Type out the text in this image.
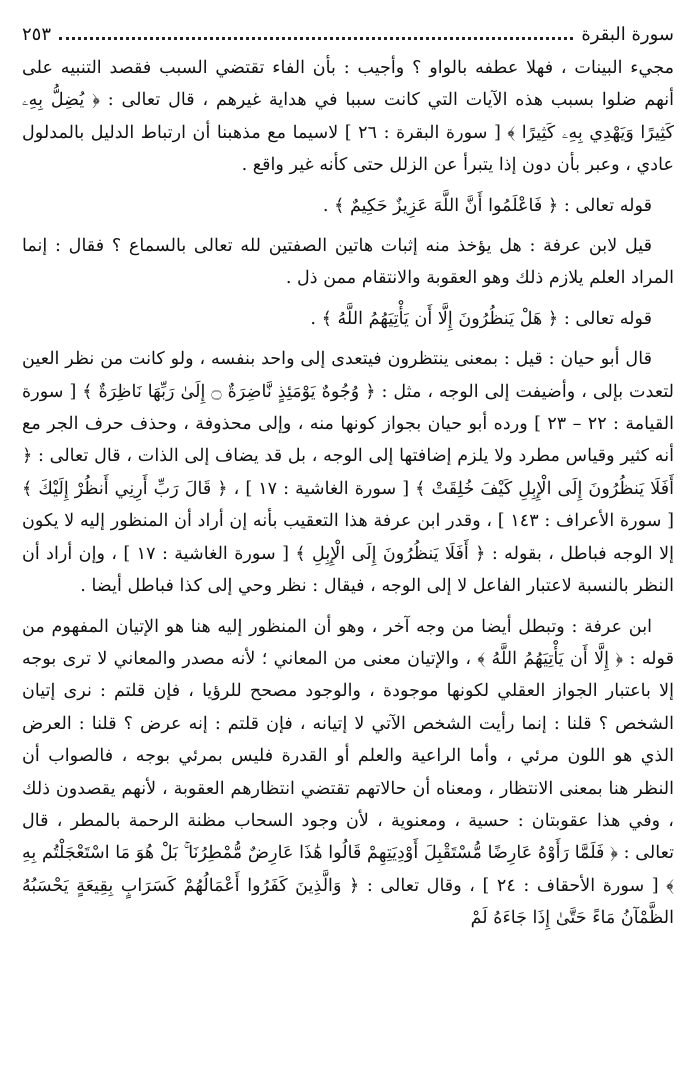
سورة البقرة
٢٥٣

مجيء البينات ، فهلا عطفه بالواو ؟ وأجيب : بأن الفاء تقتضي السبب فقصد التنبيه على أنهم ضلوا بسبب هذه الآيات التي كانت سببا في هداية غيرهم ، قال تعالى : ﴿ يُضِلُّ بِهِۦ كَثِيرًا وَيَهْدِي بِهِۦ كَثِيرًا ﴾ [ سورة البقرة : ٢٦ ] لاسيما مع مذهبنا أن ارتباط الدليل بالمدلول عادي ، وعبر بأن دون إذا يتبرأ عن الزلل حتى كأنه غير واقع .

قوله تعالى : ﴿ فَاعْلَمُوا أَنَّ اللَّهَ عَزِيزٌ حَكِيمٌ ﴾ .

قيل لابن عرفة : هل يؤخذ منه إثبات هاتين الصفتين لله تعالى بالسماع ؟ فقال : إنما المراد العلم يلازم ذلك وهو العقوبة والانتقام ممن ذل .

قوله تعالى : ﴿ هَلْ يَنظُرُونَ إِلَّا أَن يَأْتِيَهُمُ اللَّهُ ﴾ .

قال أبو حيان : قيل : بمعنى ينتظرون فيتعدى إلى واحد بنفسه ، ولو كانت من نظر العين لتعدت بإلى ، وأضيفت إلى الوجه ، مثل : ﴿ وُجُوهٌ يَوْمَئِذٍ نَّاضِرَةٌ ۝ إِلَىٰ رَبِّهَا نَاظِرَةٌ ﴾ [ سورة القيامة : ٢٢ – ٢٣ ] ورده أبو حيان بجواز كونها منه ، وإلى محذوفة ، وحذف حرف الجر مع أنه كثير وقياس مطرد ولا يلزم إضافتها إلى الوجه ، بل قد يضاف إلى الذات ، قال تعالى : ﴿ أَفَلَا يَنظُرُونَ إِلَى الْإِبِلِ كَيْفَ خُلِقَتْ ﴾ [ سورة الغاشية : ١٧ ] ، ﴿ قَالَ رَبِّ أَرِنِي أَنظُرْ إِلَيْكَ ﴾ [ سورة الأعراف : ١٤٣ ] ، وقدر ابن عرفة هذا التعقيب بأنه إن أراد أن المنظور إليه لا يكون إلا الوجه فباطل ، بقوله : ﴿ أَفَلَا يَنظُرُونَ إِلَى الْإِبِلِ ﴾ [ سورة الغاشية : ١٧ ] ، وإن أراد أن النظر بالنسبة لاعتبار الفاعل لا إلى الوجه ، فيقال : نظر وحي إلى كذا فباطل أيضا .

ابن عرفة : وتبطل أيضا من وجه آخر ، وهو أن المنظور إليه هنا هو الإتيان المفهوم من قوله : ﴿ إِلَّا أَن يَأْتِيَهُمُ اللَّهُ ﴾ ، والإتيان معنى من المعاني ؛ لأنه مصدر والمعاني لا ترى بوجه إلا باعتبار الجواز العقلي لكونها موجودة ، والوجود مصحح للرؤيا ، فإن قلتم : نرى إتيان الشخص ؟ قلنا : إنما رأيت الشخص الآتي لا إتيانه ، فإن قلتم : إنه عرض ؟ قلنا : العرض الذي هو اللون مرئي ، وأما الراعية والعلم أو القدرة فليس بمرئي بوجه ، فالصواب أن النظر هنا بمعنى الانتظار ، ومعناه أن حالاتهم تقتضي انتظارهم العقوبة ، لأنهم يقصدون ذلك ، وفي هذا عقوبتان : حسية ، ومعنوية ، لأن وجود السحاب مظنة الرحمة بالمطر ، قال تعالى : ﴿ فَلَمَّا رَأَوْهُ عَارِضًا مُّسْتَقْبِلَ أَوْدِيَتِهِمْ قَالُوا هَٰذَا عَارِضٌ مُّمْطِرُنَا ۚ بَلْ هُوَ مَا اسْتَعْجَلْتُم بِهِ ﴾ [ سورة الأحقاف : ٢٤ ] ، وقال تعالى : ﴿ وَالَّذِينَ كَفَرُوا أَعْمَالُهُمْ كَسَرَابٍ بِقِيعَةٍ يَحْسَبُهُ الظَّمْآنُ مَاءً حَتَّىٰ إِذَا جَاءَهُ لَمْ
